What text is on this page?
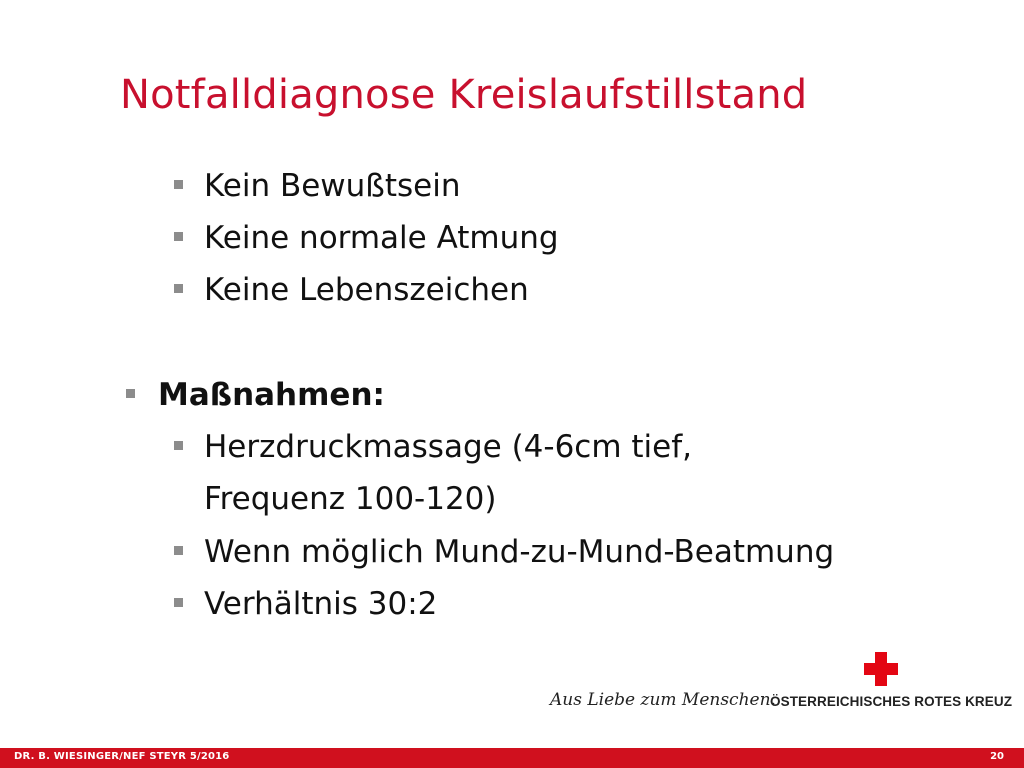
Notfalldiagnose Kreislaufstillstand
Kein Bewußtsein
Keine normale Atmung
Keine Lebenszeichen
Maßnahmen:
Herzdruckmassage (4-6cm tief,
Frequenz 100-120)
Wenn möglich Mund-zu-Mund-Beatmung
Verhältnis 30:2
Aus Liebe zum Menschen.
ÖSTERREICHISCHES ROTES KREUZ
DR. B. WIESINGER/NEF STEYR 5/2016	20
